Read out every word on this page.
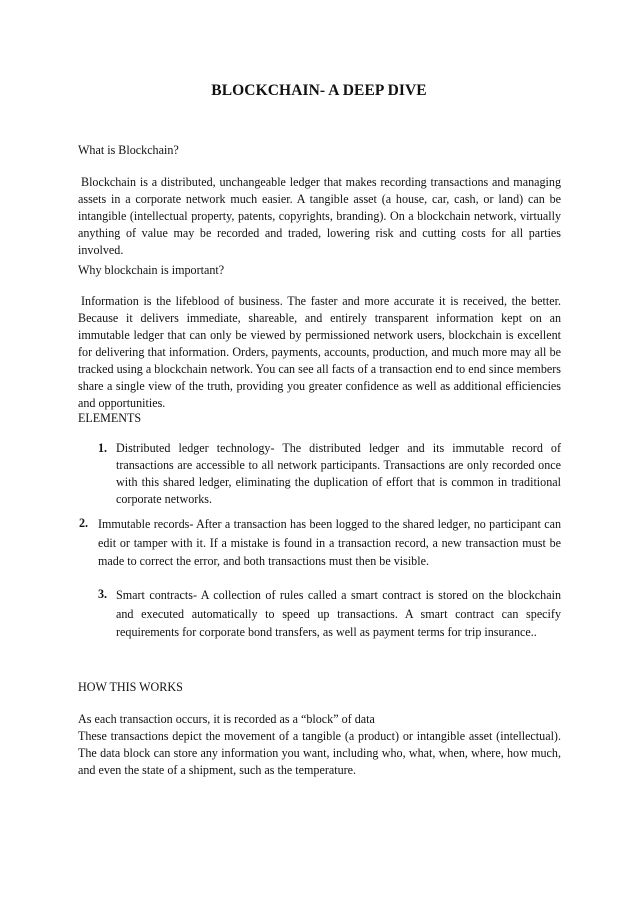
BLOCKCHAIN- A DEEP DIVE
What is Blockchain?
Blockchain is a distributed, unchangeable ledger that makes recording transactions and managing assets in a corporate network much easier. A tangible asset (a house, car, cash, or land) can be intangible (intellectual property, patents, copyrights, branding). On a blockchain network, virtually anything of value may be recorded and traded, lowering risk and cutting costs for all parties involved.
Why blockchain is important?
Information is the lifeblood of business. The faster and more accurate it is received, the better. Because it delivers immediate, shareable, and entirely transparent information kept on an immutable ledger that can only be viewed by permissioned network users, blockchain is excellent for delivering that information. Orders, payments, accounts, production, and much more may all be tracked using a blockchain network. You can see all facts of a transaction end to end since members share a single view of the truth, providing you greater confidence as well as additional efficiencies and opportunities.
ELEMENTS
1. Distributed ledger technology- The distributed ledger and its immutable record of transactions are accessible to all network participants. Transactions are only recorded once with this shared ledger, eliminating the duplication of effort that is common in traditional corporate networks.
2. Immutable records- After a transaction has been logged to the shared ledger, no participant can edit or tamper with it. If a mistake is found in a transaction record, a new transaction must be made to correct the error, and both transactions must then be visible.
3. Smart contracts- A collection of rules called a smart contract is stored on the blockchain and executed automatically to speed up transactions. A smart contract can specify requirements for corporate bond transfers, as well as payment terms for trip insurance..
HOW THIS WORKS
As each transaction occurs, it is recorded as a “block” of data
These transactions depict the movement of a tangible (a product) or intangible asset (intellectual). The data block can store any information you want, including who, what, when, where, how much, and even the state of a shipment, such as the temperature.
